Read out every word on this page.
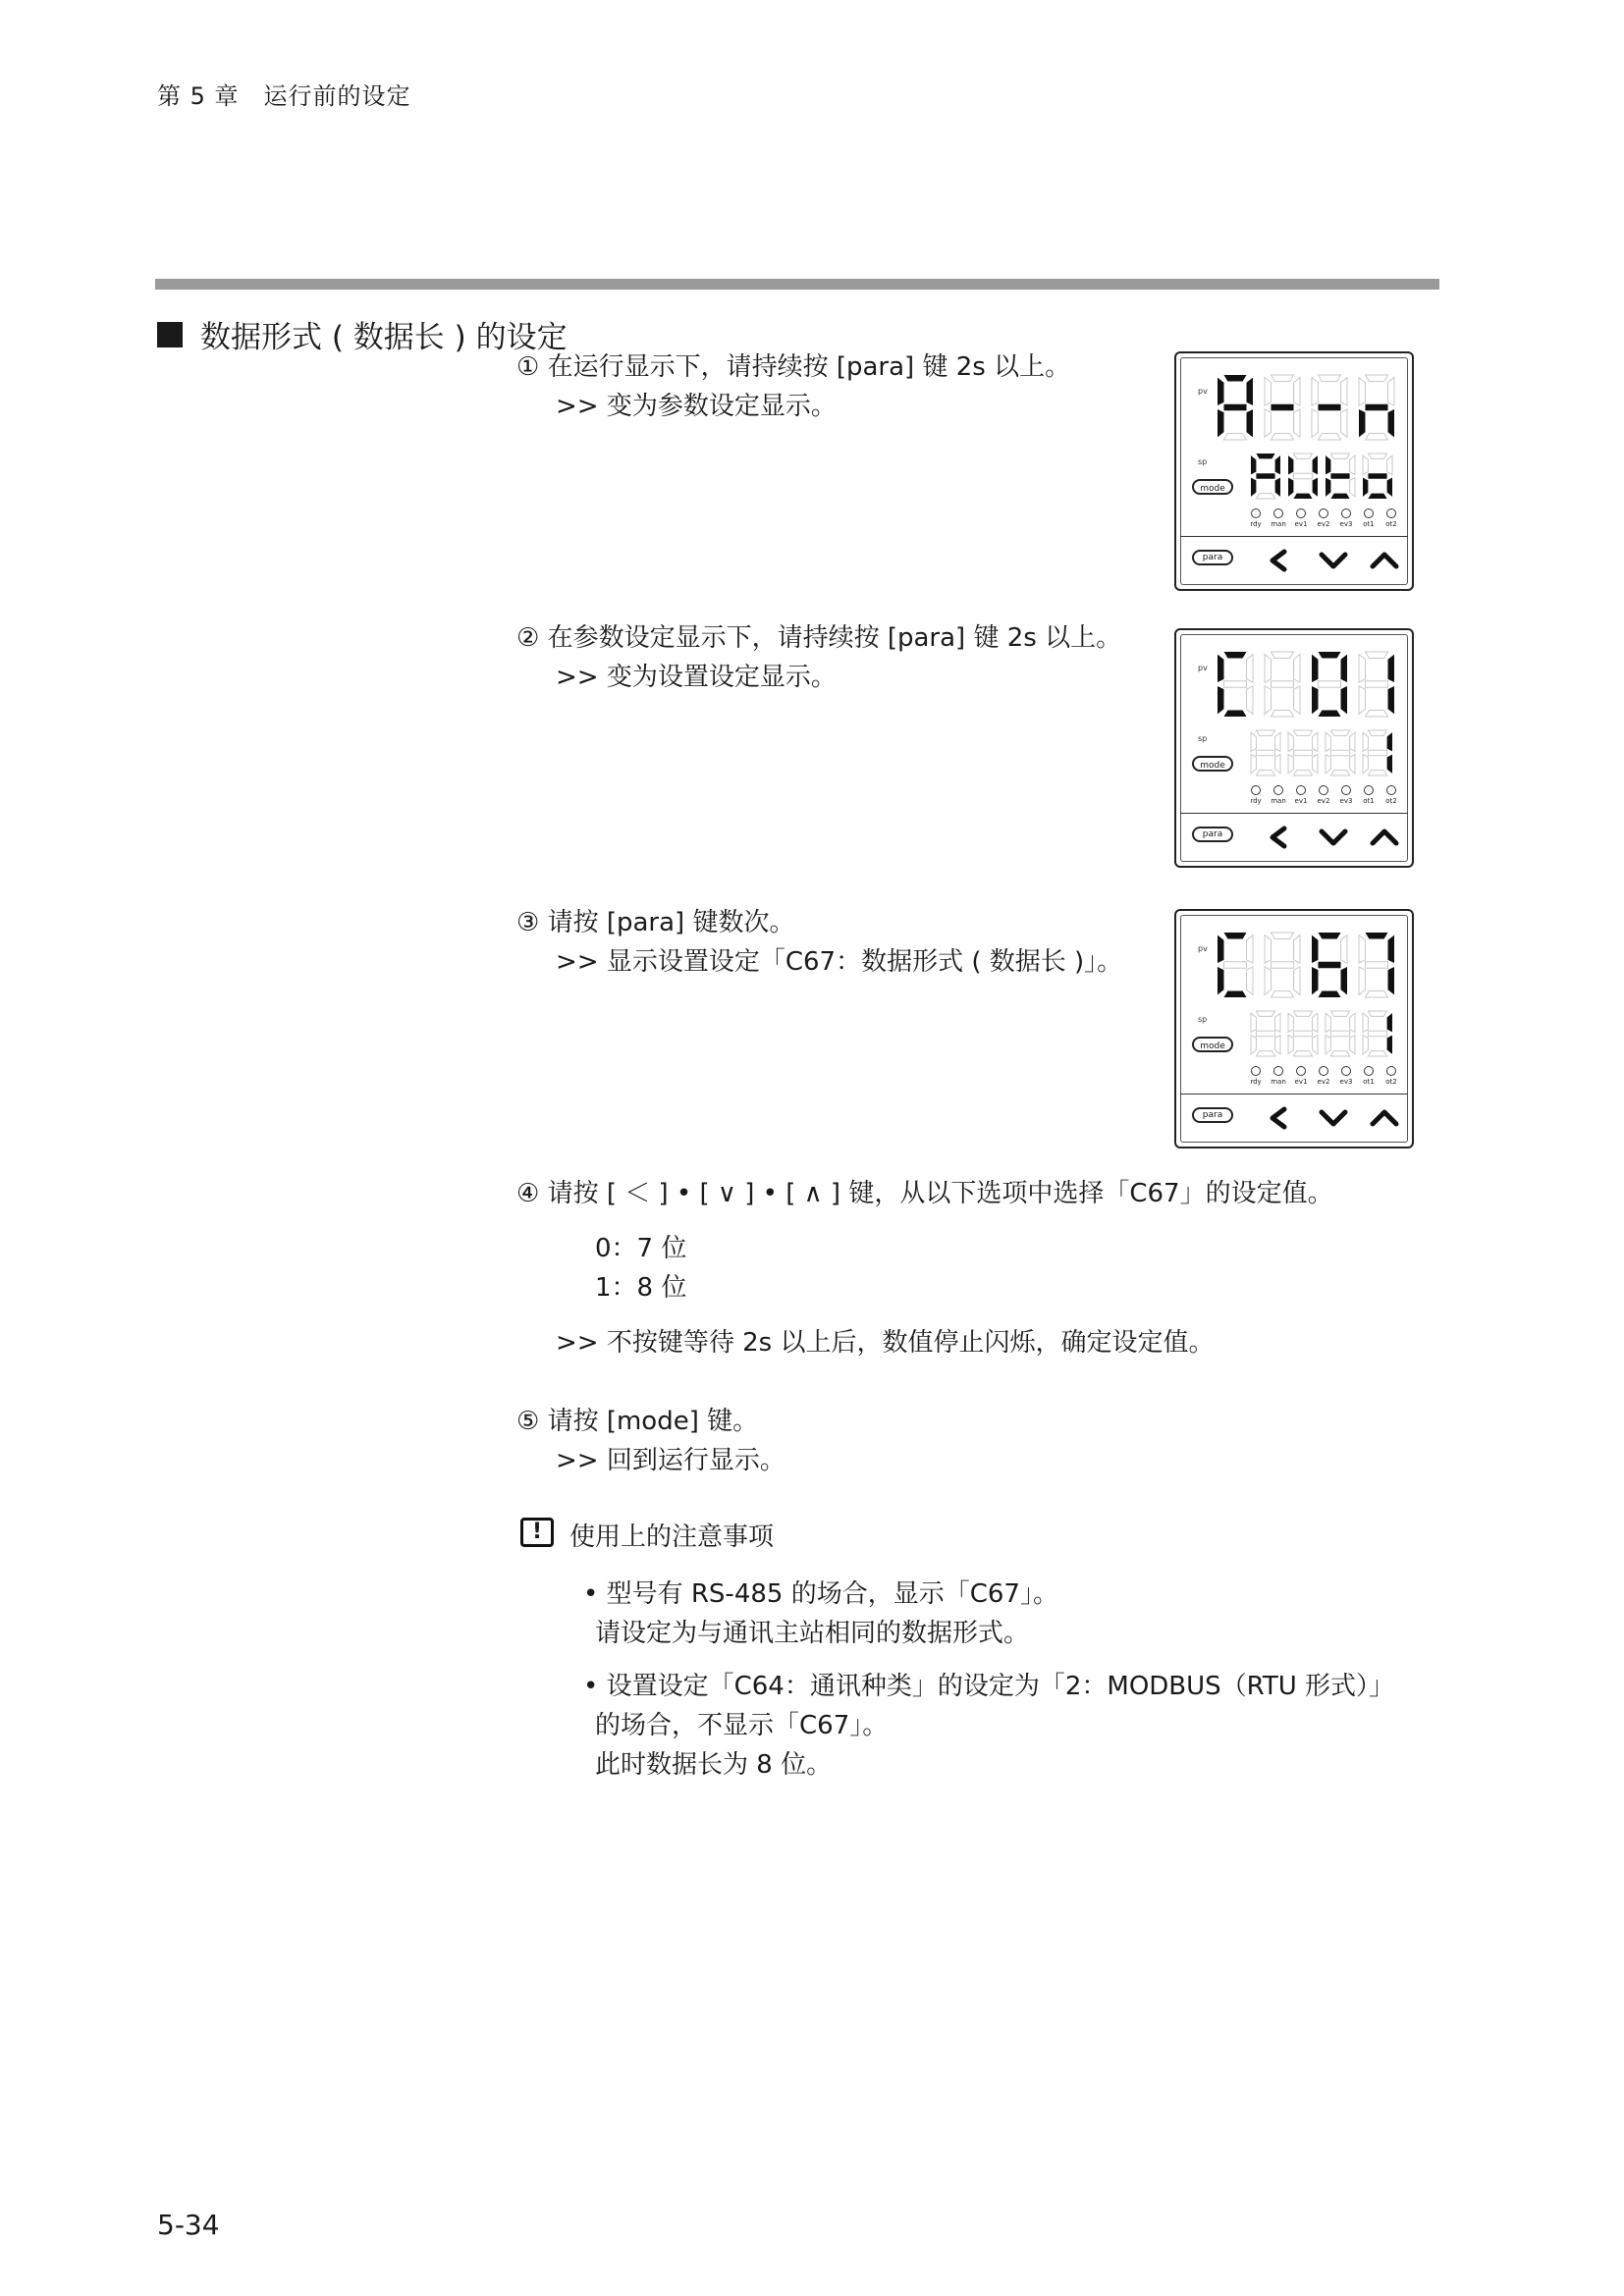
第 5 章　运行前的设定
数据形式 ( 数据长 ) 的设定
① 在运行显示下，请持续按 [para] 键 2s 以上。
>> 变为参数设定显示。
② 在参数设定显示下，请持续按 [para] 键 2s 以上。
>> 变为设置设定显示。
③ 请按 [para] 键数次。
>> 显示设置设定「C67：数据形式 ( 数据长 )」。
④ 请按 [ ＜ ] • [ ∨ ] • [ ∧ ] 键，从以下选项中选择「C67」的设定值。
0：7 位
1：8 位
>> 不按键等待 2s 以上后，数值停止闪烁，确定设定值。
⑤ 请按 [mode] 键。
>> 回到运行显示。
!	使用上的注意事项
• 型号有 RS-485 的场合，显示「C67」。
请设定为与通讯主站相同的数据形式。
• 设置设定「C64：通讯种类」的设定为「2：MODBUS（RTU 形式）」
的场合，不显示「C67」。
此时数据长为 8 位。
pv
sp
mode
rdy man ev1 ev2 ev3 ot1 ot2
para
pv
sp
mode
rdy man ev1 ev2 ev3 ot1 ot2
para
pv
sp
mode
rdy man ev1 ev2 ev3 ot1 ot2
para
5-34
